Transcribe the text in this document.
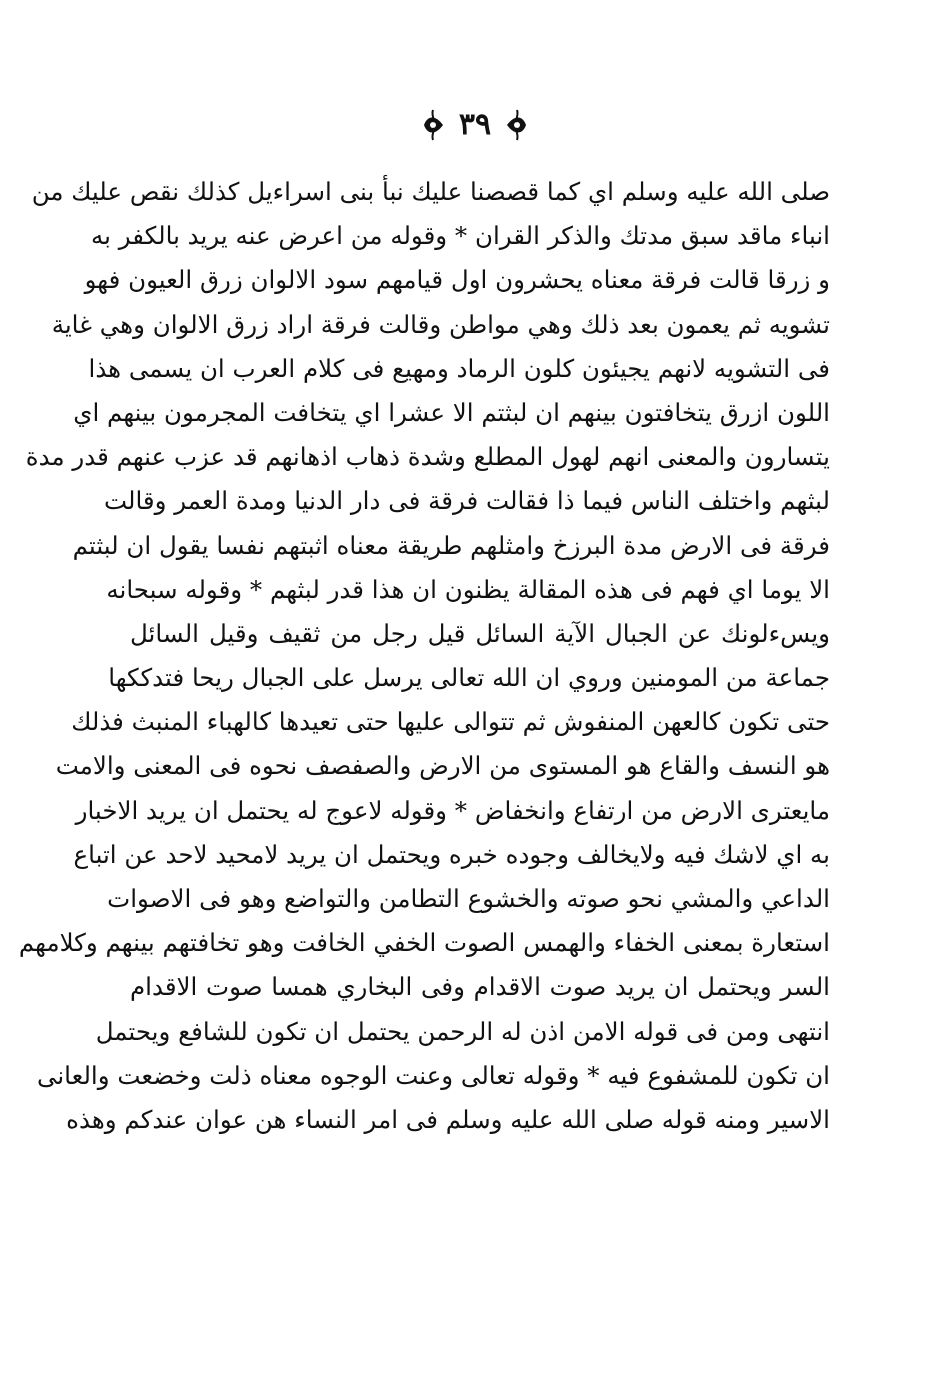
٣٩
صلى الله عليه وسلم اي كما قصصنا عليك نبأ بنى اسراءيل كذلك نقص عليك من
انباء ماقد سبق مدتك والذكر القران * وقوله من اعرض عنه يريد بالكفر به
و زرقا قالت فرقة معناه يحشرون اول قيامهم سود الالوان زرق العيون فهو
تشويه ثم يعمون بعد ذلك وهي مواطن وقالت فرقة اراد زرق الالوان وهي غاية
فى التشويه لانهم يجيئون كلون الرماد ومهيع فى كلام العرب ان يسمى هذا
اللون ازرق يتخافتون بينهم ان لبثتم الا عشرا اي يتخافت المجرمون بينهم اي
يتسارون والمعنى انهم لهول المطلع وشدة ذهاب اذهانهم قد عزب عنهم قدر مدة
لبثهم واختلف الناس فيما ذا فقالت فرقة فى دار الدنيا ومدة العمر وقالت
فرقة فى الارض مدة البرزخ وامثلهم طريقة معناه اثبتهم نفسا يقول ان لبثتم
الا يوما اي فهم فى هذه المقالة يظنون ان هذا قدر لبثهم * وقوله سبحانه
ويسءلونك عن الجبال الآية السائل قيل رجل من ثقيف وقيل السائل
جماعة من المومنين وروي ان الله تعالى يرسل على الجبال ريحا فتدككها
حتى تكون كالعهن المنفوش ثم تتوالى عليها حتى تعيدها كالهباء المنبث فذلك
هو النسف والقاع هو المستوى من الارض والصفصف نحوه فى المعنى والامت
مايعترى الارض من ارتفاع وانخفاض * وقوله لاعوج له يحتمل ان يريد الاخبار
به اي لاشك فيه ولايخالف وجوده خبره ويحتمل ان يريد لامحيد لاحد عن اتباع
الداعي والمشي نحو صوته والخشوع التطامن والتواضع وهو فى الاصوات
استعارة بمعنى الخفاء والهمس الصوت الخفي الخافت وهو تخافتهم بينهم وكلامهم
السر ويحتمل ان يريد صوت الاقدام وفى البخاري همسا صوت الاقدام
انتهى ومن فى قوله الامن اذن له الرحمن يحتمل ان تكون للشافع ويحتمل
ان تكون للمشفوع فيه * وقوله تعالى وعنت الوجوه معناه ذلت وخضعت والعانى
الاسير ومنه قوله صلى الله عليه وسلم فى امر النساء هن عوان عندكم وهذه
